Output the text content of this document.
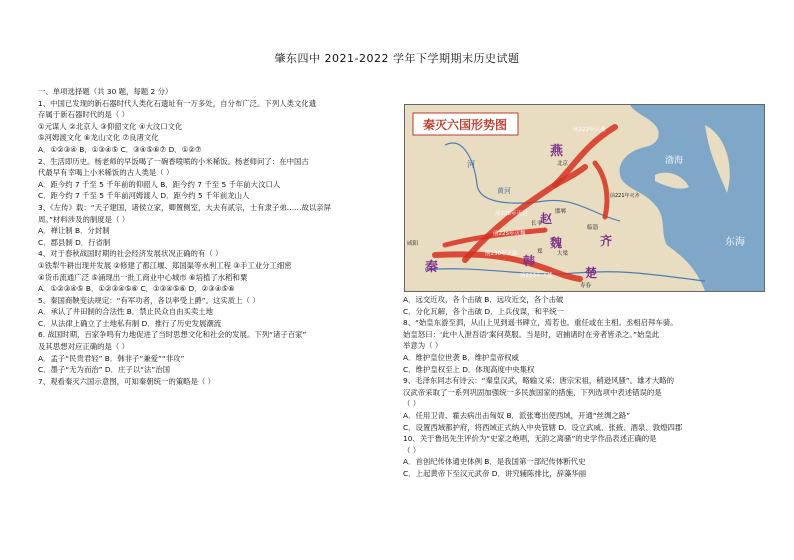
肇东四中 2021-2022 学年下学期期末历史试题
一、单项选择题（共 30 题，每题 2 分）
1、中国已发现的新石器时代人类化石遗址有一万多处，自分布广泛。下列人类文化遗
存属于新石器时代的是（ ）
①元谋人 ②北京人 ③仰韶文化 ④大汶口文化
⑤河姆渡文化 ⑥龙山文化 ⑦良渚文化
A．①②③④ B．①③④⑤ C．③④⑤⑥⑦ D．①②⑦
2、生活即历史。杨老师的早饭喝了一碗香喷喷的小米稀饭。杨老师问了：在中国古
代最早有幸喝上小米稀饭的古人类是（ ）
A．距今约 7 千至 5 千年前的仰韶人 B．距今约 7 千至 5 千年前大汶口人
C．距今约 7 千至 5 千年前河姆渡人 D．距今约 5 千年前龙山人
3、《左传》载：“天子建国，诸侯立家，卿置侧室，大夫有贰宗，士有隶子弟……故以亲屏
周。”材料涉及的制度是（ ）
A．禅让制 B．分封制
C．郡县制 D．行省制
4、对于春秋战国时期的社会经济发展状况正确的有（ ）
①铁犁牛耕出现并发展 ②修建了都江堰、郑国渠等水利工程 ③手工业分工细密
④货币流通广泛 ⑤涌现出一批工商业中心城市 ⑥培植了水稻和粟
A．①②③④⑤ B．①②③④⑤⑥ C．①③④⑤⑥ D．②③④⑤⑥
5、秦国商鞅变法规定：“有军功者，各以率受上爵”。这实质上（ ）
A．承认了井田制的合法性 B．禁止民众自由买卖土地
C．从法律上确立了土地私有制 D．推行了历史发展潮流
6. 战国时期，百家争鸣有力地促进了当时思想文化和社会的发展。下列“诸子百家”
及其思想对应正确的是（ ）
A．孟子“民贵君轻” B．韩非子“兼爱”“非攻”
C．墨子“无为而治” D．庄子以“法”治国
7、观看秦灭六国示意图，可知秦朝统一的策略是（ ）
秦灭六国形势图	前222年灭燕
前228年灭赵
前225年灭魏
前230年灭韩
前223年灭楚
前221年灭齐
燕
赵
魏	齐
韩
秦	楚
北京
邯郸
临淄
大梁
郑
咸阳
寿春
长平
渤海
东海
河
黄河
A．远交近攻，各个击破 B．远攻近交，各个击破
C．分化瓦解，各个击破 D．上兵伐谋，和平统一
8、“始皇东游至泗，从山上见到遥书碑立，焉若也。重任或在主相。丞相启拜车骑。
始皇怒曰：‘此中人泄吾语’案问莫服。当是时，诏捕诸时在旁者皆杀之。”始皇此
举意为（ ）
A．维护皇位世袭 B．维护皇帝权威
C．维护皇权至上 D．体现高度中央集权
9、毛泽东同志有诗云：“秦皇汉武，略输文采；唐宗宋祖，稍逊风骚”。雄才大略的
汉武帝采取了一系列巩固加强统一多民族国家的措施，下列选项中表述错误的是
（ ）
A．任用卫青、霍去病出击匈奴 B．派张骞出使西域，开通“丝绸之路”
C．设置西域都护府，将西域正式纳入中央管辖 D．设立武威、张掖、酒泉、敦煌四郡
10、关于鲁迅先生评价为“史家之绝唱，无韵之离骚”的史学作品表述正确的是
（ ）
A．首创纪传体通史体例 B．是我国第一部纪传体断代史
C．上起黄帝下至汉元武帝 D．讲究辅陈排比，辞藻华丽
